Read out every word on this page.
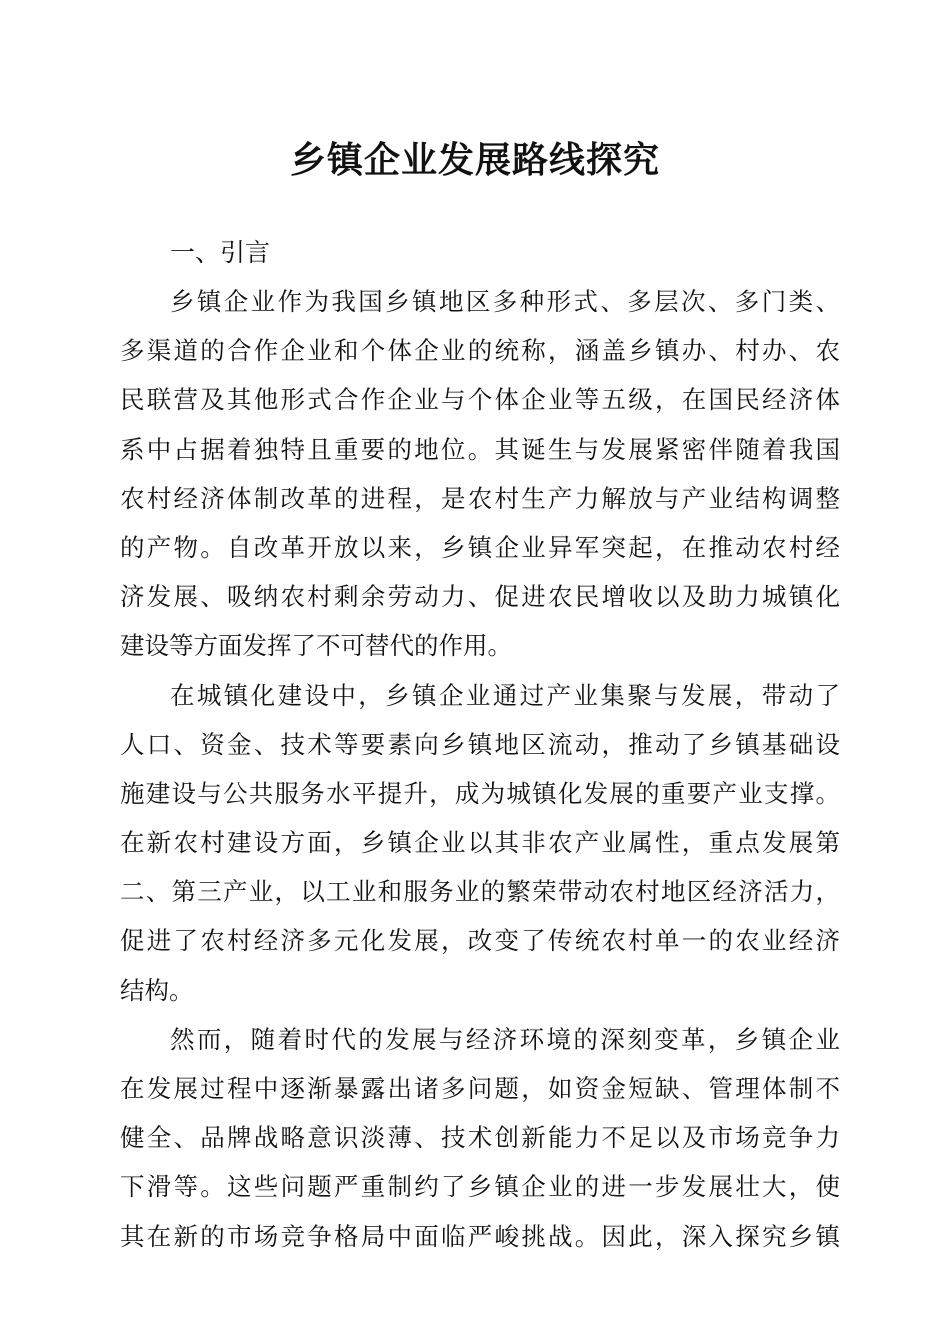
乡镇企业发展路线探究
一、引言
乡镇企业作为我国乡镇地区多种形式、多层次、多门类、
多渠道的合作企业和个体企业的统称，涵盖乡镇办、村办、农
民联营及其他形式合作企业与个体企业等五级，在国民经济体
系中占据着独特且重要的地位。其诞生与发展紧密伴随着我国
农村经济体制改革的进程，是农村生产力解放与产业结构调整
的产物。自改革开放以来，乡镇企业异军突起，在推动农村经
济发展、吸纳农村剩余劳动力、促进农民增收以及助力城镇化
建设等方面发挥了不可替代的作用。
在城镇化建设中，乡镇企业通过产业集聚与发展，带动了
人口、资金、技术等要素向乡镇地区流动，推动了乡镇基础设
施建设与公共服务水平提升，成为城镇化发展的重要产业支撑。
在新农村建设方面，乡镇企业以其非农产业属性，重点发展第
二、第三产业，以工业和服务业的繁荣带动农村地区经济活力，
促进了农村经济多元化发展，改变了传统农村单一的农业经济
结构。
然而，随着时代的发展与经济环境的深刻变革，乡镇企业
在发展过程中逐渐暴露出诸多问题，如资金短缺、管理体制不
健全、品牌战略意识淡薄、技术创新能力不足以及市场竞争力
下滑等。这些问题严重制约了乡镇企业的进一步发展壮大，使
其在新的市场竞争格局中面临严峻挑战。因此，深入探究乡镇
